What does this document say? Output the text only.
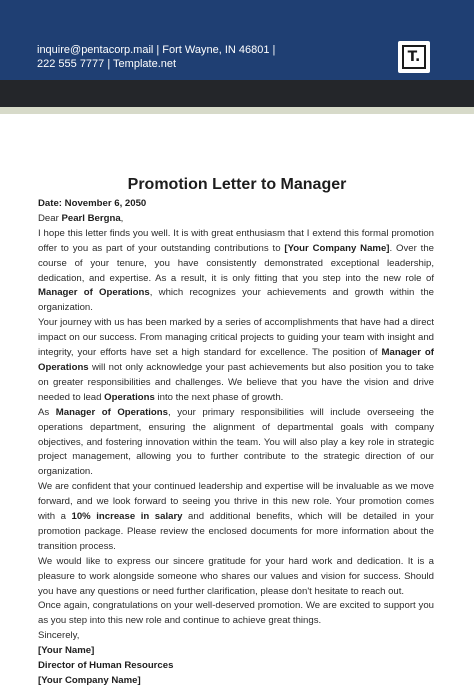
inquire@pentacorp.mail | Fort Wayne, IN 46801 |
222 555 7777 | Template.net	T.
Promotion Letter to Manager

Date: November 6, 2050

Dear Pearl Bergna,

I hope this letter finds you well. It is with great enthusiasm that I extend this formal promotion offer to you as part of your outstanding contributions to [Your Company Name]. Over the course of your tenure, you have consistently demonstrated exceptional leadership, dedication, and expertise. As a result, it is only fitting that you step into the new role of Manager of Operations, which recognizes your achievements and growth within the organization.

Your journey with us has been marked by a series of accomplishments that have had a direct impact on our success. From managing critical projects to guiding your team with insight and integrity, your efforts have set a high standard for excellence. The position of Manager of Operations will not only acknowledge your past achievements but also position you to take on greater responsibilities and challenges. We believe that you have the vision and drive needed to lead Operations into the next phase of growth.

As Manager of Operations, your primary responsibilities will include overseeing the operations department, ensuring the alignment of departmental goals with company objectives, and fostering innovation within the team. You will also play a key role in strategic project management, allowing you to further contribute to the strategic direction of our organization.

We are confident that your continued leadership and expertise will be invaluable as we move forward, and we look forward to seeing you thrive in this new role. Your promotion comes with a 10% increase in salary and additional benefits, which will be detailed in your promotion package. Please review the enclosed documents for more information about the transition process.

We would like to express our sincere gratitude for your hard work and dedication. It is a pleasure to work alongside someone who shares our values and vision for success. Should you have any questions or need further clarification, please don't hesitate to reach out.

Once again, congratulations on your well-deserved promotion. We are excited to support you as you step into this new role and continue to achieve great things.

Sincerely,

[Your Name]

Director of Human Resources

[Your Company Name]
